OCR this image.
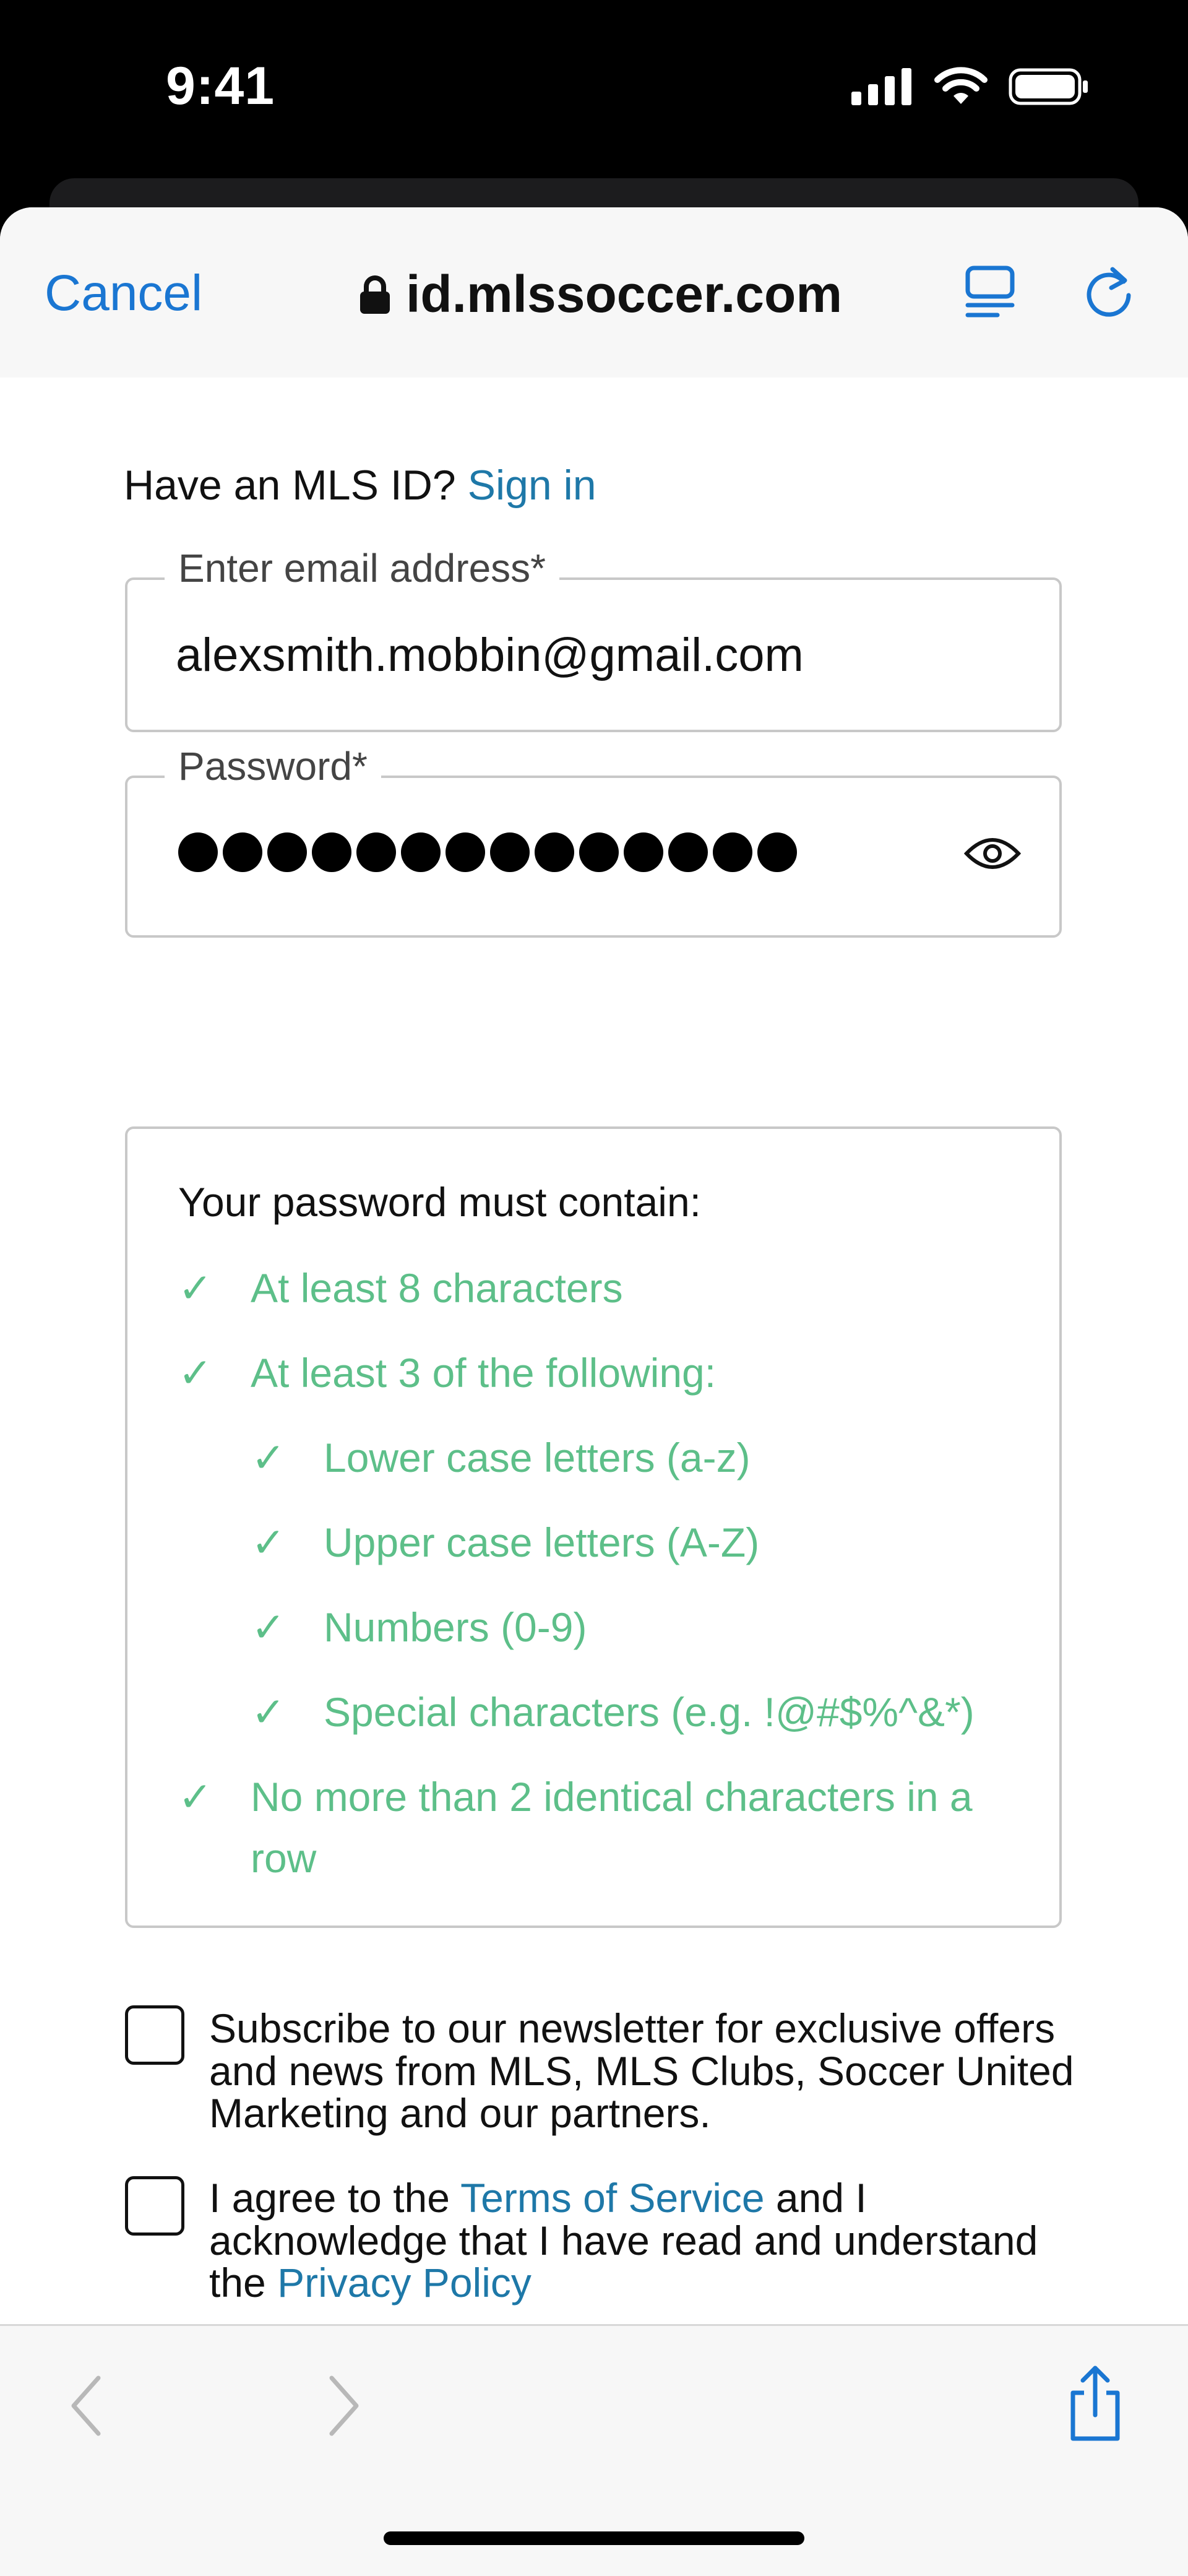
9:41
Cancel	id.mlssoccer.com
Have an MLS ID? Sign in
Enter email address*
alexsmith.mobbin@gmail.com
Password*
Your password must contain:
✓ At least 8 characters
✓ At least 3 of the following:
✓ Lower case letters (a-z)
✓ Upper case letters (A-Z)
✓ Numbers (0-9)
✓ Special characters (e.g. !@#$%^&*)
✓ No more than 2 identical characters in a row
Subscribe to our newsletter for exclusive offers and news from MLS, MLS Clubs, Soccer United Marketing and our partners.
I agree to the Terms of Service and I acknowledge that I have read and understand the Privacy Policy
